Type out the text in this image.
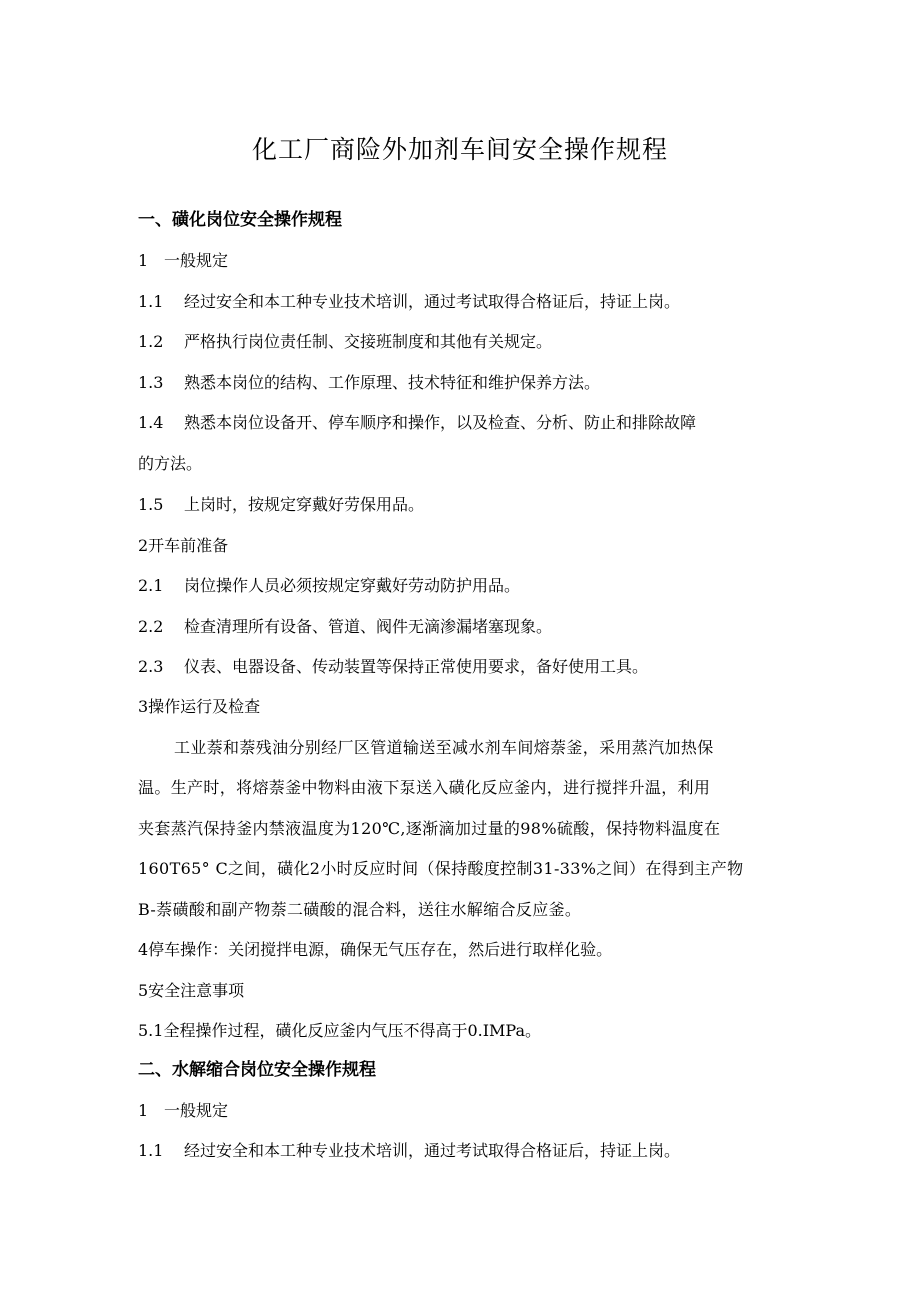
化工厂商险外加剂车间安全操作规程
一、磺化岗位安全操作规程
1 一般规定
1.1 经过安全和本工种专业技术培训，通过考试取得合格证后，持证上岗。
1.2 严格执行岗位责任制、交接班制度和其他有关规定。
1.3 熟悉本岗位的结构、工作原理、技术特征和维护保养方法。
1.4 熟悉本岗位设备开、停车顺序和操作，以及检查、分析、防止和排除故障
的方法。
1.5 上岗时，按规定穿戴好劳保用品。
2开车前准备
2.1 岗位操作人员必须按规定穿戴好劳动防护用品。
2.2 检查清理所有设备、管道、阀件无滴渗漏堵塞现象。
2.3 仪表、电器设备、传动装置等保持正常使用要求，备好使用工具。
3操作运行及检查
工业萘和萘残油分别经厂区管道输送至减水剂车间熔萘釜，采用蒸汽加热保
温。生产时，将熔萘釜中物料由液下泵送入磺化反应釜内，进行搅拌升温，利用
夹套蒸汽保持釜内禁液温度为120℃,逐渐滴加过量的98%硫酸，保持物料温度在
160T65° C之间，磺化2小时反应时间（保持酸度控制31-33%之间）在得到主产物
B-萘磺酸和副产物萘二磺酸的混合料，送往水解缩合反应釜。
4停车操作：关闭搅拌电源，确保无气压存在，然后进行取样化验。
5安全注意事项
5.1全程操作过程，磺化反应釜内气压不得高于0.IMPa。
二、水解缩合岗位安全操作规程
1 一般规定
1.1 经过安全和本工种专业技术培训，通过考试取得合格证后，持证上岗。
